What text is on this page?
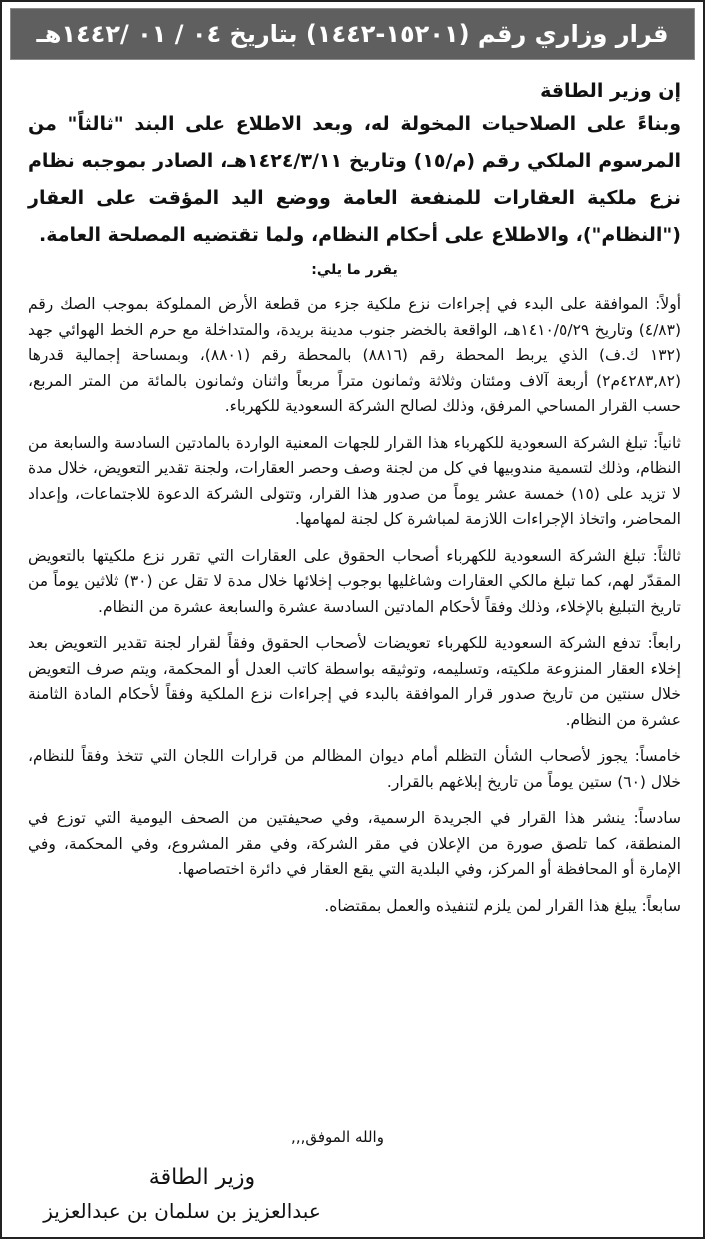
قرار وزاري رقم (١٥٢٠١-١٤٤٢) بتاريخ ٠٤ / ٠١ /١٤٤٢هـ

إن وزير الطاقة

وبناءً على الصلاحيات المخولة له، وبعد الاطلاع على البند "ثالثاً" من المرسوم الملكي رقم (م/١٥) وتاريخ ١٤٢٤/٣/١١هـ، الصادر بموجبه نظام نزع ملكية العقارات للمنفعة العامة ووضع اليد المؤقت على العقار ("النظام")، والاطلاع على أحكام النظام، ولما تقتضيه المصلحة العامة.

يقرر ما يلي:

أولاً: الموافقة على البدء في إجراءات نزع ملكية جزء من قطعة الأرض المملوكة بموجب الصك رقم (٤/٨٣) وتاريخ ١٤١٠/٥/٢٩هـ، الواقعة بالخضر جنوب مدينة بريدة، والمتداخلة مع حرم الخط الهوائي جهد (١٣٢ ك.ف) الذي يربط المحطة رقم (٨٨١٦) بالمحطة رقم (٨٨٠١)، وبمساحة إجمالية قدرها (٤٢٨٣,٨٢م٢) أربعة آلاف ومئتان وثلاثة وثمانون متراً مربعاً واثنان وثمانون بالمائة من المتر المربع، حسب القرار المساحي المرفق، وذلك لصالح الشركة السعودية للكهرباء.

ثانياً: تبلغ الشركة السعودية للكهرباء هذا القرار للجهات المعنية الواردة بالمادتين السادسة والسابعة من النظام، وذلك لتسمية مندوبيها في كل من لجنة وصف وحصر العقارات، ولجنة تقدير التعويض، خلال مدة لا تزيد على (١٥) خمسة عشر يوماً من صدور هذا القرار، وتتولى الشركة الدعوة للاجتماعات، وإعداد المحاضر، واتخاذ الإجراءات اللازمة لمباشرة كل لجنة لمهامها.

ثالثاً: تبلغ الشركة السعودية للكهرباء أصحاب الحقوق على العقارات التي تقرر نزع ملكيتها بالتعويض المقدّر لهم، كما تبلغ مالكي العقارات وشاغليها بوجوب إخلائها خلال مدة لا تقل عن (٣٠) ثلاثين يوماً من تاريخ التبليغ بالإخلاء، وذلك وفقاً لأحكام المادتين السادسة عشرة والسابعة عشرة من النظام.

رابعاً: تدفع الشركة السعودية للكهرباء تعويضات لأصحاب الحقوق وفقاً لقرار لجنة تقدير التعويض بعد إخلاء العقار المنزوعة ملكيته، وتسليمه، وتوثيقه بواسطة كاتب العدل أو المحكمة، ويتم صرف التعويض خلال سنتين من تاريخ صدور قرار الموافقة بالبدء في إجراءات نزع الملكية وفقاً لأحكام المادة الثامنة عشرة من النظام.

خامساً: يجوز لأصحاب الشأن التظلم أمام ديوان المظالم من قرارات اللجان التي تتخذ وفقاً للنظام، خلال (٦٠) ستين يوماً من تاريخ إبلاغهم بالقرار.

سادساً: ينشر هذا القرار في الجريدة الرسمية، وفي صحيفتين من الصحف اليومية التي توزع في المنطقة، كما تلصق صورة من الإعلان في مقر الشركة، وفي مقر المشروع، وفي المحكمة، وفي الإمارة أو المحافظة أو المركز، وفي البلدية التي يقع العقار في دائرة اختصاصها.

سابعاً: يبلغ هذا القرار لمن يلزم لتنفيذه والعمل بمقتضاه.

والله الموفق,,,
وزير الطاقة
عبدالعزيز بن سلمان بن عبدالعزيز
